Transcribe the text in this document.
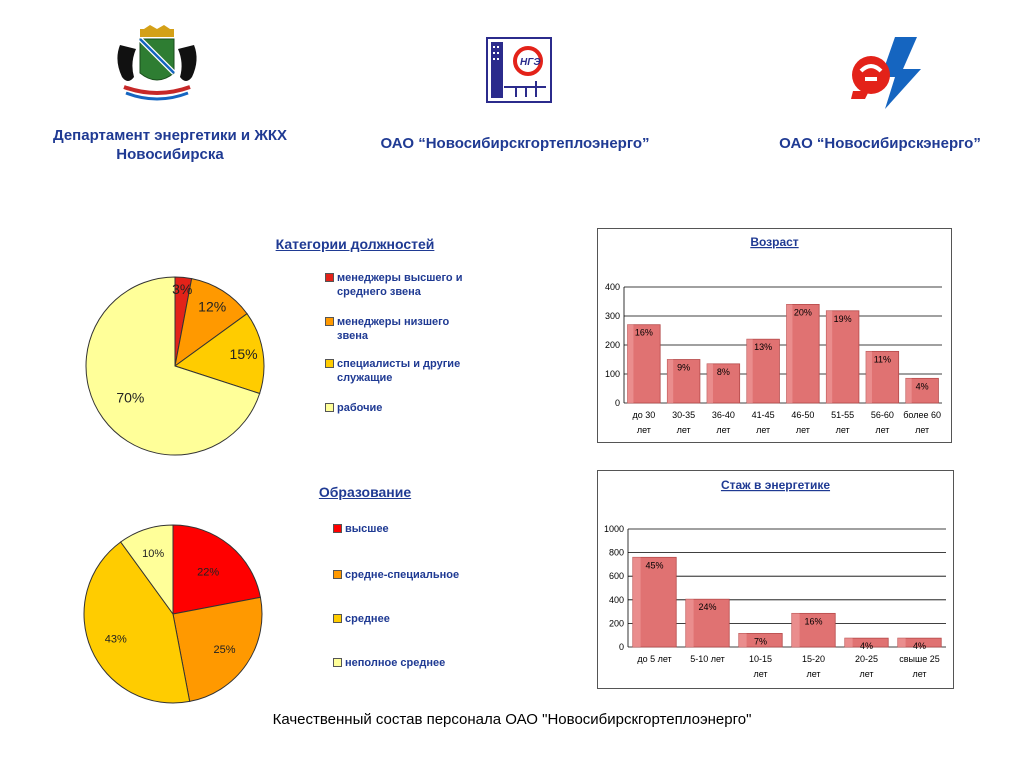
НГЭ
Департамент энергетики и ЖКХ
Новосибирска
ОАО “Новосибирскгортеплоэнерго”	ОАО “Новосибирскэнерго”
Категории должностей
3%
12%
15%
70%
менеджеры высшего и среднего звена
менеджеры низшего звена
специалисты и другие служащие
рабочие
Образование
22%
25%
43%
10%
высшее
средне-специальное
среднее
неполное среднее
Возраст
0
100
200
300
400
16%
до 30
лет
9%
30-35
лет
8%
36-40
лет
13%
41-45
лет
20%
46-50
лет
19%
51-55
лет
11%
56-60
лет
4%
более 60
лет
Стаж в энергетике
0
200
400
600
800
1000
45%
до 5 лет
24%
5-10 лет
7%
10-15
лет
16%
15-20
лет
4%
20-25
лет
4%
свыше 25
лет
Качественный состав персонала ОАО "Новосибирскгортеплоэнерго"
